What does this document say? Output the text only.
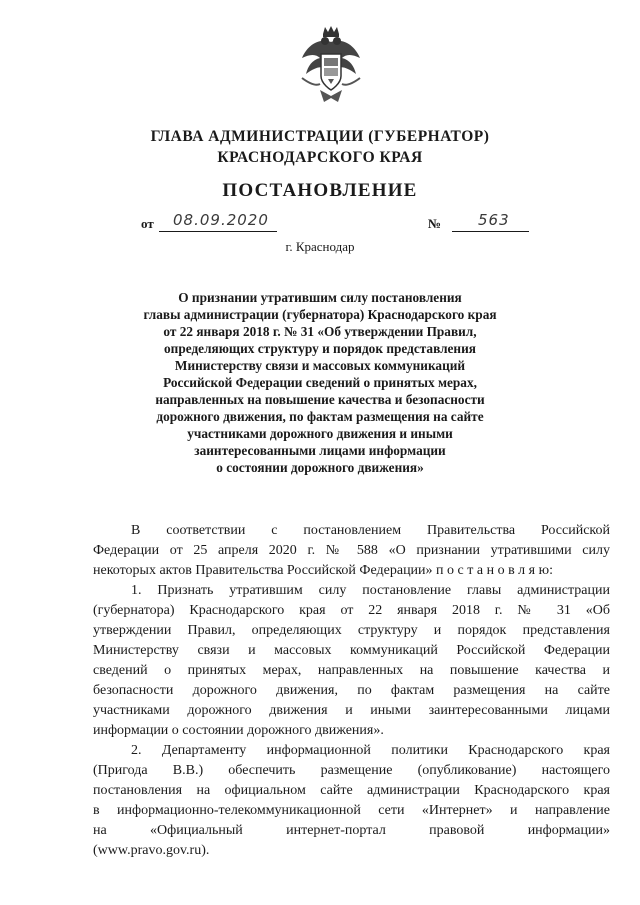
ГЛАВА АДМИНИСТРАЦИИ (ГУБЕРНАТОР)
КРАСНОДАРСКОГО КРАЯ
ПОСТАНОВЛЕНИЕ
от 08.09.2020	№ 563
г. Краснодар
О признании утратившим силу постановления
главы администрации (губернатора) Краснодарского края
от 22 января 2018 г. № 31 «Об утверждении Правил,
определяющих структуру и порядок представления
Министерству связи и массовых коммуникаций
Российской Федерации сведений о принятых мерах,
направленных на повышение качества и безопасности
дорожного движения, по фактам размещения на сайте
участниками дорожного движения и иными
заинтересованными лицами информации
о состоянии дорожного движения»
В соответствии с постановлением Правительства Российской
Федерации от 25 апреля 2020 г. № 588 «О признании утратившими силу
некоторых актов Правительства Российской Федерации» п о с т а н о в л я ю:
1. Признать утратившим силу постановление главы администрации
(губернатора) Краснодарского края от 22 января 2018 г. № 31 «Об
утверждении Правил, определяющих структуру и порядок представления
Министерству связи и массовых коммуникаций Российской Федерации
сведений о принятых мерах, направленных на повышение качества и
безопасности дорожного движения, по фактам размещения на сайте
участниками дорожного движения и иными заинтересованными лицами
информации о состоянии дорожного движения».
2. Департаменту информационной политики Краснодарского края
(Пригода В.В.) обеспечить размещение (опубликование) настоящего
постановления на официальном сайте администрации Краснодарского края
в информационно-телекоммуникационной сети «Интернет» и направление
на «Официальный интернет-портал правовой информации»
(www.pravo.gov.ru).
